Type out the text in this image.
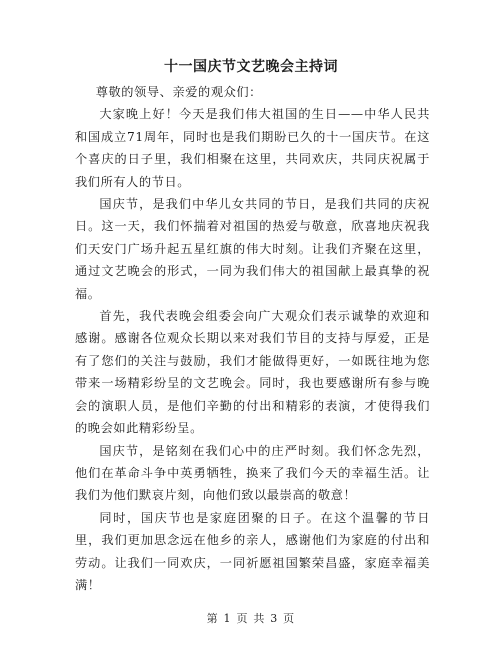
十一国庆节文艺晚会主持词

尊敬的领导、亲爱的观众们：

大家晚上好！今天是我们伟大祖国的生日——中华人民共和国成立71周年，同时也是我们期盼已久的十一国庆节。在这个喜庆的日子里，我们相聚在这里，共同欢庆，共同庆祝属于我们所有人的节日。

国庆节，是我们中华儿女共同的节日，是我们共同的庆祝日。这一天，我们怀揣着对祖国的热爱与敬意，欣喜地庆祝我们天安门广场升起五星红旗的伟大时刻。让我们齐聚在这里，通过文艺晚会的形式，一同为我们伟大的祖国献上最真挚的祝福。

首先，我代表晚会组委会向广大观众们表示诚挚的欢迎和感谢。感谢各位观众长期以来对我们节目的支持与厚爱，正是有了您们的关注与鼓励，我们才能做得更好，一如既往地为您带来一场精彩纷呈的文艺晚会。同时，我也要感谢所有参与晚会的演职人员，是他们辛勤的付出和精彩的表演，才使得我们的晚会如此精彩纷呈。

国庆节，是铭刻在我们心中的庄严时刻。我们怀念先烈，他们在革命斗争中英勇牺牲，换来了我们今天的幸福生活。让我们为他们默哀片刻，向他们致以最崇高的敬意！

同时，国庆节也是家庭团聚的日子。在这个温馨的节日里，我们更加思念远在他乡的亲人，感谢他们为家庭的付出和劳动。让我们一同欢庆，一同祈愿祖国繁荣昌盛，家庭幸福美满！

第 1 页 共 3 页
